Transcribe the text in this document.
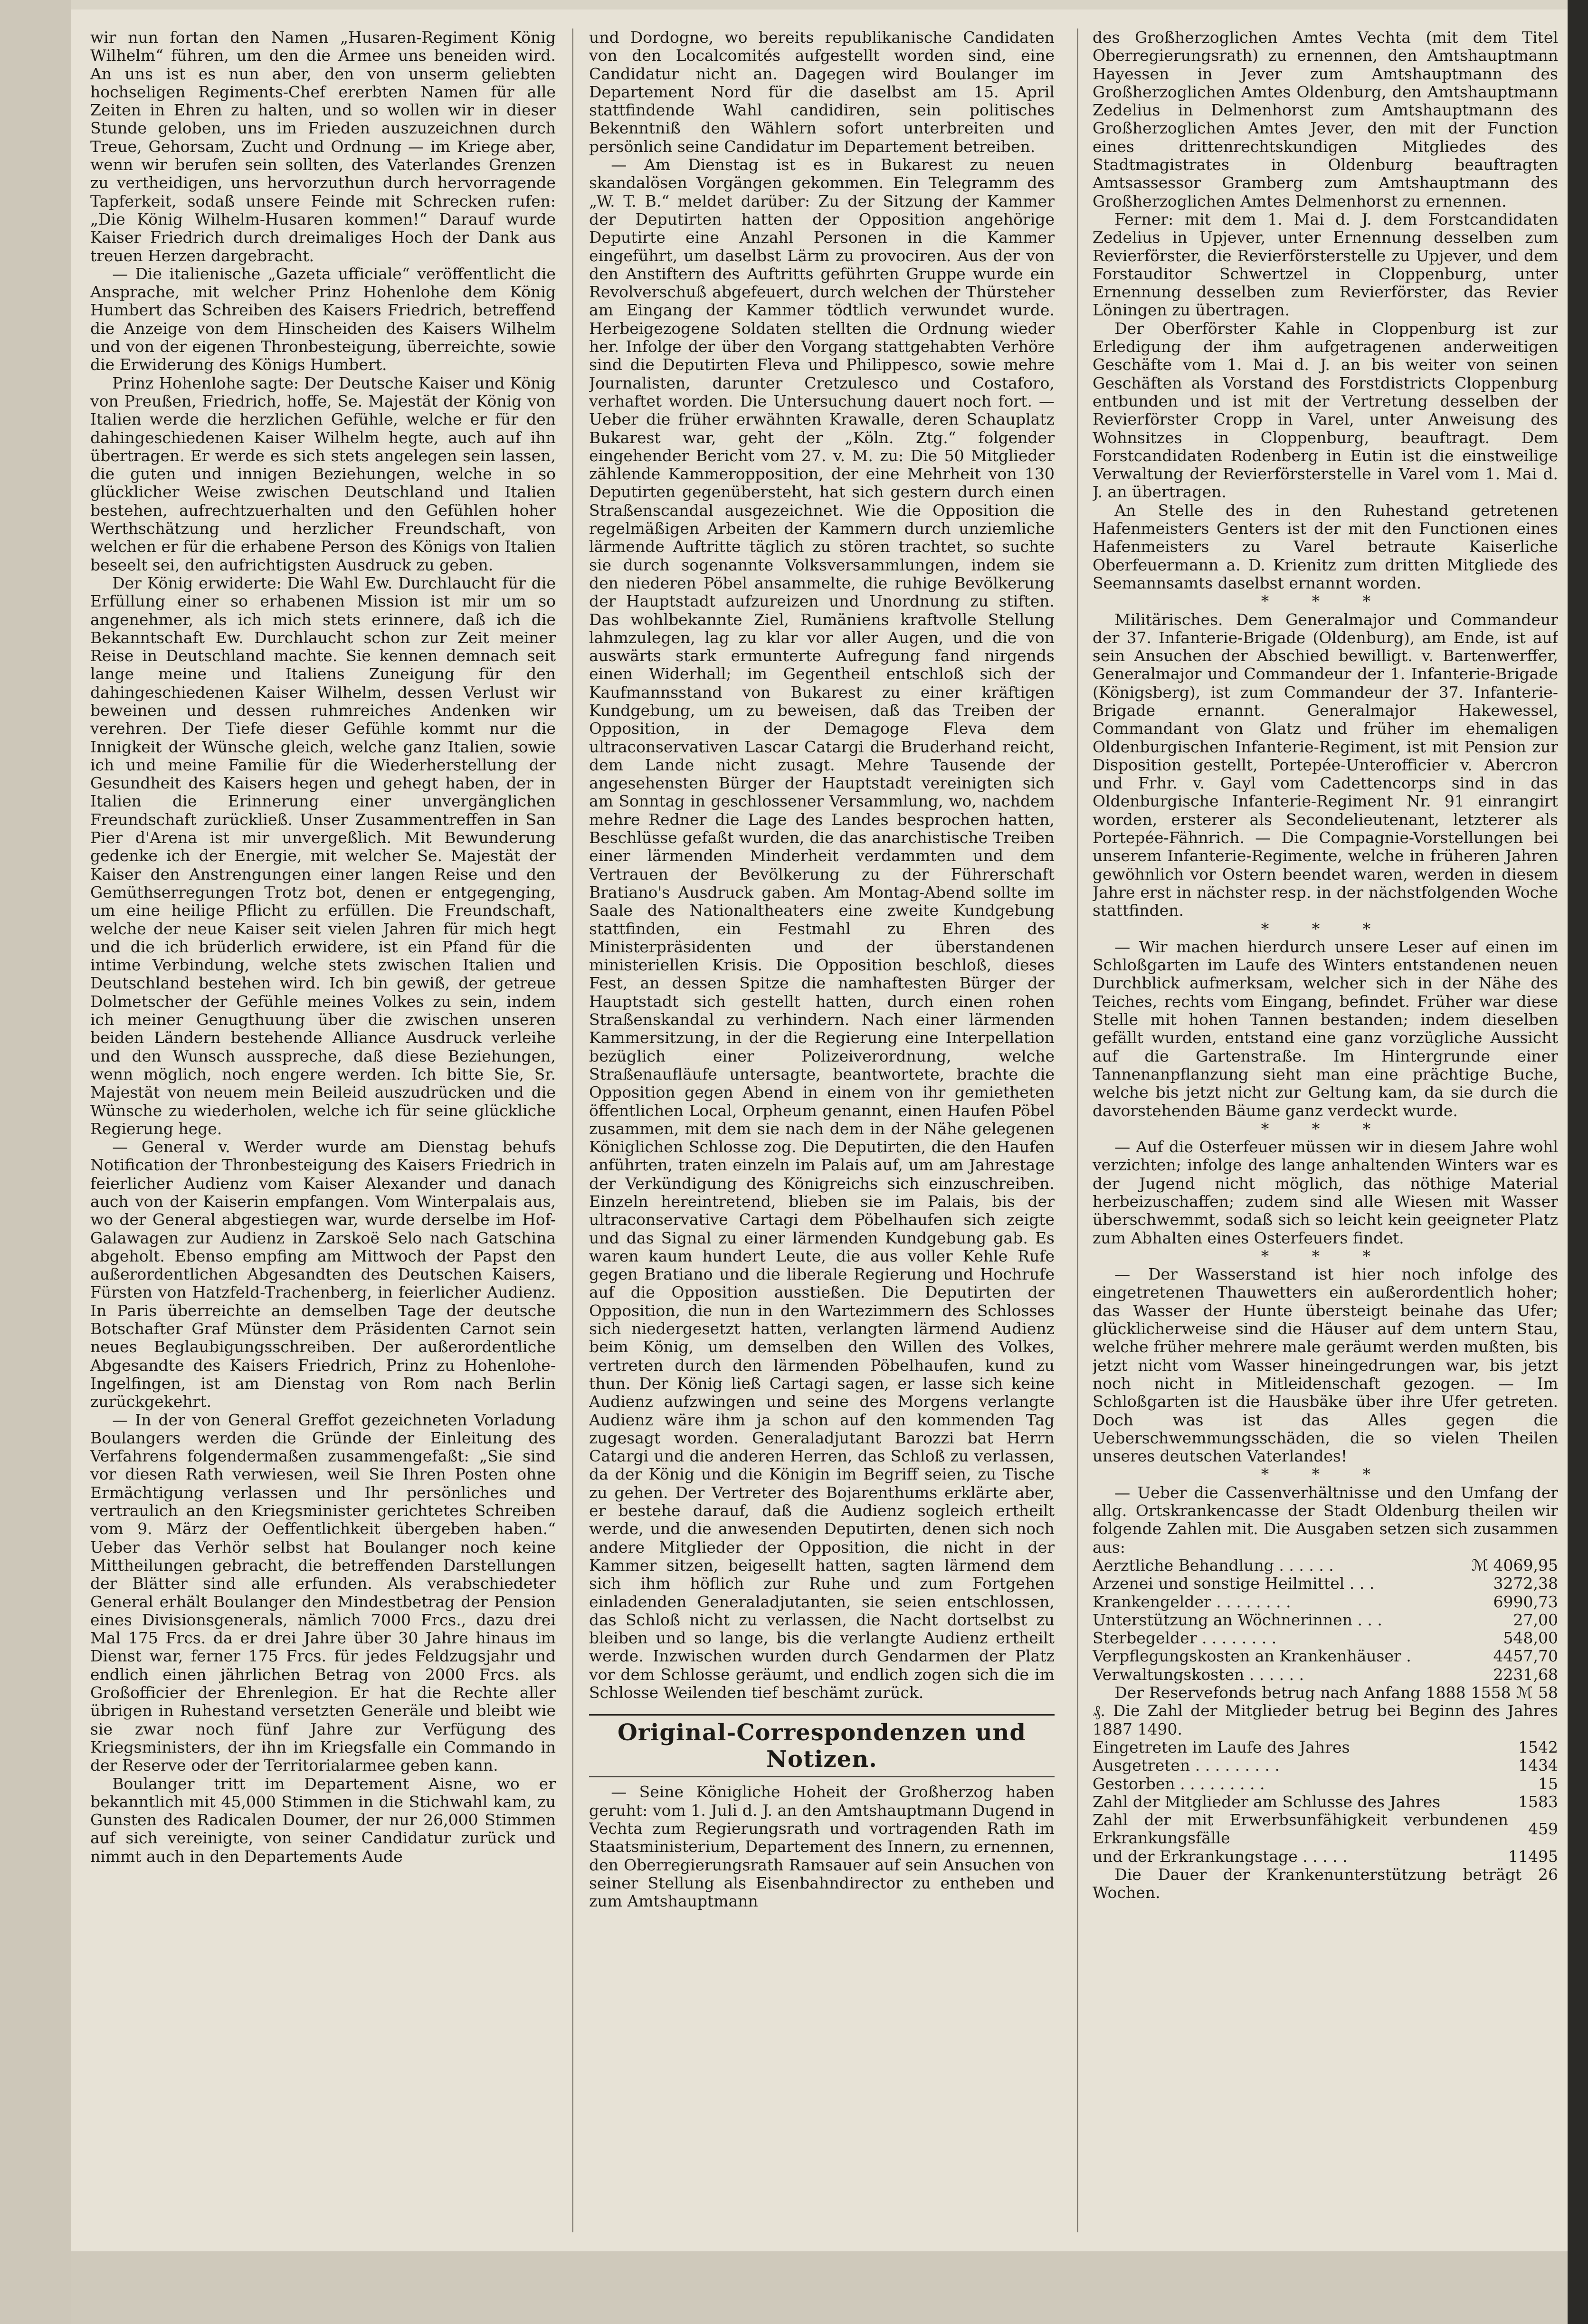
wir nun fortan den Namen „Husaren-Regiment König Wilhelm“ führen, um den die Armee uns beneiden wird. An uns ist es nun aber, den von unserm geliebten hochseligen Regiments-Chef ererbten Namen für alle Zeiten in Ehren zu halten, und so wollen wir in dieser Stunde geloben, uns im Frieden auszuzeichnen durch Treue, Gehorsam, Zucht und Ordnung — im Kriege aber, wenn wir berufen sein sollten, des Vaterlandes Grenzen zu vertheidigen, uns hervorzuthun durch hervorragende Tapferkeit, sodaß unsere Feinde mit Schrecken rufen: „Die König Wilhelm-Husaren kommen!“ Darauf wurde Kaiser Friedrich durch dreimaliges Hoch der Dank aus treuen Herzen dargebracht.

— Die italienische „Gazeta ufficiale“ veröffentlicht die Ansprache, mit welcher Prinz Hohenlohe dem König Humbert das Schreiben des Kaisers Friedrich, betreffend die Anzeige von dem Hinscheiden des Kaisers Wilhelm und von der eigenen Thronbesteigung, überreichte, sowie die Erwiderung des Königs Humbert.

Prinz Hohenlohe sagte: Der Deutsche Kaiser und König von Preußen, Friedrich, hoffe, Se. Majestät der König von Italien werde die herzlichen Gefühle, welche er für den dahingeschiedenen Kaiser Wilhelm hegte, auch auf ihn übertragen. Er werde es sich stets angelegen sein lassen, die guten und innigen Beziehungen, welche in so glücklicher Weise zwischen Deutschland und Italien bestehen, aufrechtzuerhalten und den Gefühlen hoher Werthschätzung und herzlicher Freundschaft, von welchen er für die erhabene Person des Königs von Italien beseelt sei, den aufrichtigsten Ausdruck zu geben.

Der König erwiderte: Die Wahl Ew. Durchlaucht für die Erfüllung einer so erhabenen Mission ist mir um so angenehmer, als ich mich stets erinnere, daß ich die Bekanntschaft Ew. Durchlaucht schon zur Zeit meiner Reise in Deutschland machte. Sie kennen demnach seit lange meine und Italiens Zuneigung für den dahingeschiedenen Kaiser Wilhelm, dessen Verlust wir beweinen und dessen ruhmreiches Andenken wir verehren. Der Tiefe dieser Gefühle kommt nur die Innigkeit der Wünsche gleich, welche ganz Italien, sowie ich und meine Familie für die Wiederherstellung der Gesundheit des Kaisers hegen und gehegt haben, der in Italien die Erinnerung einer unvergänglichen Freundschaft zurückließ. Unser Zusammentreffen in San Pier d'Arena ist mir unvergeßlich. Mit Bewunderung gedenke ich der Energie, mit welcher Se. Majestät der Kaiser den Anstrengungen einer langen Reise und den Gemüthserregungen Trotz bot, denen er entgegenging, um eine heilige Pflicht zu erfüllen. Die Freundschaft, welche der neue Kaiser seit vielen Jahren für mich hegt und die ich brüderlich erwidere, ist ein Pfand für die intime Verbindung, welche stets zwischen Italien und Deutschland bestehen wird. Ich bin gewiß, der getreue Dolmetscher der Gefühle meines Volkes zu sein, indem ich meiner Genugthuung über die zwischen unseren beiden Ländern bestehende Alliance Ausdruck verleihe und den Wunsch ausspreche, daß diese Beziehungen, wenn möglich, noch engere werden. Ich bitte Sie, Sr. Majestät von neuem mein Beileid auszudrücken und die Wünsche zu wiederholen, welche ich für seine glückliche Regierung hege.

— General v. Werder wurde am Dienstag behufs Notification der Thronbesteigung des Kaisers Friedrich in feierlicher Audienz vom Kaiser Alexander und danach auch von der Kaiserin empfangen. Vom Winterpalais aus, wo der General abgestiegen war, wurde derselbe im Hof-Galawagen zur Audienz in Zarskoë Selo nach Gatschina abgeholt. Ebenso empfing am Mittwoch der Papst den außerordentlichen Abgesandten des Deutschen Kaisers, Fürsten von Hatzfeld-Trachenberg, in feierlicher Audienz. In Paris überreichte an demselben Tage der deutsche Botschafter Graf Münster dem Präsidenten Carnot sein neues Beglaubigungsschreiben. Der außerordentliche Abgesandte des Kaisers Friedrich, Prinz zu Hohenlohe-Ingelfingen, ist am Dienstag von Rom nach Berlin zurückgekehrt.

— In der von General Greffot gezeichneten Vorladung Boulangers werden die Gründe der Einleitung des Verfahrens folgendermaßen zusammengefaßt: „Sie sind vor diesen Rath verwiesen, weil Sie Ihren Posten ohne Ermächtigung verlassen und Ihr persönliches und vertraulich an den Kriegsminister gerichtetes Schreiben vom 9. März der Oeffentlichkeit übergeben haben.“ Ueber das Verhör selbst hat Boulanger noch keine Mittheilungen gebracht, die betreffenden Darstellungen der Blätter sind alle erfunden. Als verabschiedeter General erhält Boulanger den Mindestbetrag der Pension eines Divisionsgenerals, nämlich 7000 Frcs., dazu drei Mal 175 Frcs. da er drei Jahre über 30 Jahre hinaus im Dienst war, ferner 175 Frcs. für jedes Feldzugsjahr und endlich einen jährlichen Betrag von 2000 Frcs. als Großofficier der Ehrenlegion. Er hat die Rechte aller übrigen in Ruhestand versetzten Generäle und bleibt wie sie zwar noch fünf Jahre zur Verfügung des Kriegsministers, der ihn im Kriegsfalle ein Commando in der Reserve oder der Territorialarmee geben kann.

Boulanger tritt im Departement Aisne, wo er bekanntlich mit 45,000 Stimmen in die Stichwahl kam, zu Gunsten des Radicalen Doumer, der nur 26,000 Stimmen auf sich vereinigte, von seiner Candidatur zurück und nimmt auch in den Departements Aude

und Dordogne, wo bereits republikanische Candidaten von den Localcomités aufgestellt worden sind, eine Candidatur nicht an. Dagegen wird Boulanger im Departement Nord für die daselbst am 15. April stattfindende Wahl candidiren, sein politisches Bekenntniß den Wählern sofort unterbreiten und persönlich seine Candidatur im Departement betreiben.

— Am Dienstag ist es in Bukarest zu neuen skandalösen Vorgängen gekommen. Ein Telegramm des „W. T. B.“ meldet darüber: Zu der Sitzung der Kammer der Deputirten hatten der Opposition angehörige Deputirte eine Anzahl Personen in die Kammer eingeführt, um daselbst Lärm zu provociren. Aus der von den Anstiftern des Auftritts geführten Gruppe wurde ein Revolverschuß abgefeuert, durch welchen der Thürsteher am Eingang der Kammer tödtlich verwundet wurde. Herbeigezogene Soldaten stellten die Ordnung wieder her. Infolge der über den Vorgang stattgehabten Verhöre sind die Deputirten Fleva und Philippesco, sowie mehre Journalisten, darunter Cretzulesco und Costaforo, verhaftet worden. Die Untersuchung dauert noch fort. — Ueber die früher erwähnten Krawalle, deren Schauplatz Bukarest war, geht der „Köln. Ztg.“ folgender eingehender Bericht vom 27. v. M. zu: Die 50 Mitglieder zählende Kammeropposition, der eine Mehrheit von 130 Deputirten gegenübersteht, hat sich gestern durch einen Straßenscandal ausgezeichnet. Wie die Opposition die regelmäßigen Arbeiten der Kammern durch unziemliche lärmende Auftritte täglich zu stören trachtet, so suchte sie durch sogenannte Volksversammlungen, indem sie den niederen Pöbel ansammelte, die ruhige Bevölkerung der Hauptstadt aufzureizen und Unordnung zu stiften. Das wohlbekannte Ziel, Rumäniens kraftvolle Stellung lahmzulegen, lag zu klar vor aller Augen, und die von auswärts stark ermunterte Aufregung fand nirgends einen Widerhall; im Gegentheil entschloß sich der Kaufmannsstand von Bukarest zu einer kräftigen Kundgebung, um zu beweisen, daß das Treiben der Opposition, in der Demagoge Fleva dem ultraconservativen Lascar Catargi die Bruderhand reicht, dem Lande nicht zusagt. Mehre Tausende der angesehensten Bürger der Hauptstadt vereinigten sich am Sonntag in geschlossener Versammlung, wo, nachdem mehre Redner die Lage des Landes besprochen hatten, Beschlüsse gefaßt wurden, die das anarchistische Treiben einer lärmenden Minderheit verdammten und dem Vertrauen der Bevölkerung zu der Führerschaft Bratiano's Ausdruck gaben. Am Montag-Abend sollte im Saale des Nationaltheaters eine zweite Kundgebung stattfinden, ein Festmahl zu Ehren des Ministerpräsidenten und der überstandenen ministeriellen Krisis. Die Opposition beschloß, dieses Fest, an dessen Spitze die namhaftesten Bürger der Hauptstadt sich gestellt hatten, durch einen rohen Straßenskandal zu verhindern. Nach einer lärmenden Kammersitzung, in der die Regierung eine Interpellation bezüglich einer Polizeiverordnung, welche Straßenaufläufe untersagte, beantwortete, brachte die Opposition gegen Abend in einem von ihr gemietheten öffentlichen Local, Orpheum genannt, einen Haufen Pöbel zusammen, mit dem sie nach dem in der Nähe gelegenen Königlichen Schlosse zog. Die Deputirten, die den Haufen anführten, traten einzeln im Palais auf, um am Jahrestage der Verkündigung des Königreichs sich einzuschreiben. Einzeln hereintretend, blieben sie im Palais, bis der ultraconservative Cartagi dem Pöbelhaufen sich zeigte und das Signal zu einer lärmenden Kundgebung gab. Es waren kaum hundert Leute, die aus voller Kehle Rufe gegen Bratiano und die liberale Regierung und Hochrufe auf die Opposition ausstießen. Die Deputirten der Opposition, die nun in den Wartezimmern des Schlosses sich niedergesetzt hatten, verlangten lärmend Audienz beim König, um demselben den Willen des Volkes, vertreten durch den lärmenden Pöbelhaufen, kund zu thun. Der König ließ Cartagi sagen, er lasse sich keine Audienz aufzwingen und seine des Morgens verlangte Audienz wäre ihm ja schon auf den kommenden Tag zugesagt worden. Generaladjutant Barozzi bat Herrn Catargi und die anderen Herren, das Schloß zu verlassen, da der König und die Königin im Begriff seien, zu Tische zu gehen. Der Vertreter des Bojarenthums erklärte aber, er bestehe darauf, daß die Audienz sogleich ertheilt werde, und die anwesenden Deputirten, denen sich noch andere Mitglieder der Opposition, die nicht in der Kammer sitzen, beigesellt hatten, sagten lärmend dem sich ihm höflich zur Ruhe und zum Fortgehen einladenden Generaladjutanten, sie seien entschlossen, das Schloß nicht zu verlassen, die Nacht dortselbst zu bleiben und so lange, bis die verlangte Audienz ertheilt werde. Inzwischen wurden durch Gendarmen der Platz vor dem Schlosse geräumt, und endlich zogen sich die im Schlosse Weilenden tief beschämt zurück.

Original-Correspondenzen und Notizen.

— Seine Königliche Hoheit der Großherzog haben geruht: vom 1. Juli d. J. an den Amtshauptmann Dugend in Vechta zum Regierungsrath und vortragenden Rath im Staatsministerium, Departement des Innern, zu ernennen, den Oberregierungsrath Ramsauer auf sein Ansuchen von seiner Stellung als Eisenbahndirector zu entheben und zum Amtshauptmann

des Großherzoglichen Amtes Vechta (mit dem Titel Oberregierungsrath) zu ernennen, den Amtshauptmann Hayessen in Jever zum Amtshauptmann des Großherzoglichen Amtes Oldenburg, den Amtshauptmann Zedelius in Delmenhorst zum Amtshauptmann des Großherzoglichen Amtes Jever, den mit der Function eines drittenrechtskundigen Mitgliedes des Stadtmagistrates in Oldenburg beauftragten Amtsassessor Gramberg zum Amtshauptmann des Großherzoglichen Amtes Delmenhorst zu ernennen.

Ferner: mit dem 1. Mai d. J. dem Forstcandidaten Zedelius in Upjever, unter Ernennung desselben zum Revierförster, die Revierförsterstelle zu Upjever, und dem Forstauditor Schwertzel in Cloppenburg, unter Ernennung desselben zum Revierförster, das Revier Löningen zu übertragen.

Der Oberförster Kahle in Cloppenburg ist zur Erledigung der ihm aufgetragenen anderweitigen Geschäfte vom 1. Mai d. J. an bis weiter von seinen Geschäften als Vorstand des Forstdistricts Cloppenburg entbunden und ist mit der Vertretung desselben der Revierförster Cropp in Varel, unter Anweisung des Wohnsitzes in Cloppenburg, beauftragt. Dem Forstcandidaten Rodenberg in Eutin ist die einstweilige Verwaltung der Revierförsterstelle in Varel vom 1. Mai d. J. an übertragen.

An Stelle des in den Ruhestand getretenen Hafenmeisters Genters ist der mit den Functionen eines Hafenmeisters zu Varel betraute Kaiserliche Oberfeuermann a. D. Krienitz zum dritten Mitgliede des Seemannsamts daselbst ernannt worden.

* * *

Militärisches. Dem Generalmajor und Commandeur der 37. Infanterie-Brigade (Oldenburg), am Ende, ist auf sein Ansuchen der Abschied bewilligt. v. Bartenwerffer, Generalmajor und Commandeur der 1. Infanterie-Brigade (Königsberg), ist zum Commandeur der 37. Infanterie-Brigade ernannt. Generalmajor Hakewessel, Commandant von Glatz und früher im ehemaligen Oldenburgischen Infanterie-Regiment, ist mit Pension zur Disposition gestellt, Portepée-Unterofficier v. Abercron und Frhr. v. Gayl vom Cadettencorps sind in das Oldenburgische Infanterie-Regiment Nr. 91 einrangirt worden, ersterer als Secondelieutenant, letzterer als Portepée-Fähnrich. — Die Compagnie-Vorstellungen bei unserem Infanterie-Regimente, welche in früheren Jahren gewöhnlich vor Ostern beendet waren, werden in diesem Jahre erst in nächster resp. in der nächstfolgenden Woche stattfinden.

* * *

— Wir machen hierdurch unsere Leser auf einen im Schloßgarten im Laufe des Winters entstandenen neuen Durchblick aufmerksam, welcher sich in der Nähe des Teiches, rechts vom Eingang, befindet. Früher war diese Stelle mit hohen Tannen bestanden; indem dieselben gefällt wurden, entstand eine ganz vorzügliche Aussicht auf die Gartenstraße. Im Hintergrunde einer Tannenanpflanzung sieht man eine prächtige Buche, welche bis jetzt nicht zur Geltung kam, da sie durch die davorstehenden Bäume ganz verdeckt wurde.

* * *

— Auf die Osterfeuer müssen wir in diesem Jahre wohl verzichten; infolge des lange anhaltenden Winters war es der Jugend nicht möglich, das nöthige Material herbeizuschaffen; zudem sind alle Wiesen mit Wasser überschwemmt, sodaß sich so leicht kein geeigneter Platz zum Abhalten eines Osterfeuers findet.

* * *

— Der Wasserstand ist hier noch infolge des eingetretenen Thauwetters ein außerordentlich hoher; das Wasser der Hunte übersteigt beinahe das Ufer; glücklicherweise sind die Häuser auf dem untern Stau, welche früher mehrere male geräumt werden mußten, bis jetzt nicht vom Wasser hineingedrungen war, bis jetzt noch nicht in Mitleidenschaft gezogen. — Im Schloßgarten ist die Hausbäke über ihre Ufer getreten. Doch was ist das Alles gegen die Ueberschwemmungsschäden, die so vielen Theilen unseres deutschen Vaterlandes!

* * *

— Ueber die Cassenverhältnisse und den Umfang der allg. Ortskrankencasse der Stadt Oldenburg theilen wir folgende Zahlen mit. Die Ausgaben setzen sich zusammen aus:

Aerztliche Behandlung . . . . . .	ℳ 4069,95
Arzenei und sonstige Heilmittel . . .	3272,38
Krankengelder . . . . . . . .	6990,73
Unterstützung an Wöchnerinnen . . .	27,00
Sterbegelder . . . . . . . .	548,00
Verpflegungskosten an Krankenhäuser .	4457,70
Verwaltungskosten . . . . . .	2231,68

Der Reservefonds betrug nach Anfang 1888 1558 ℳ 58 ₰. Die Zahl der Mitglieder betrug bei Beginn des Jahres 1887 1490.

Eingetreten im Laufe des Jahres	1542
Ausgetreten . . . . . . . . .	1434
Gestorben . . . . . . . . .	15
Zahl der Mitglieder am Schlusse des Jahres	1583
Zahl der mit Erwerbsunfähigkeit verbundenen Erkrankungsfälle	459
und der Erkrankungstage . . . . .	11495

Die Dauer der Krankenunterstützung beträgt 26 Wochen.
